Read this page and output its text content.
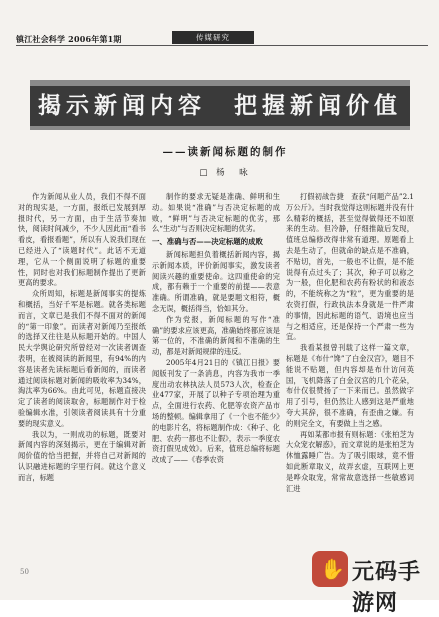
镇江社会科学 2006年第1期	传媒研究
揭示新闻内容　把握新闻价值
——读新闻标题的制作
□ 杨　咏

作为新闻从业人员，我们不得不面对的现实是，一方面，报纸已发展到厚报时代，另一方面，由于生活节奏加快，阅读时间减少，不少人因此而“看书看皮，看报看题”，所以有人说我们现在已经进入了“读题时代”。此话不无道理，它从一个侧面说明了标题的重要性，同时也对我们标题制作提出了更新更高的要求。

众所周知，标题是新闻事实的提炼和概括，当好千军是标题。就各类标题而言，文章已是我们不得不面对的新闻的“第一印象”。而读者对新闻乃至报纸的选择又往往是从标题开始的。中国人民大学舆论研究所曾经对一次读者调查表明，在被阅读的新闻里，有94%的内容是读者先读标题后看新闻的，而读者通过阅读标题对新闻的吸收率为34%，淘汰率为66%。由此可见，标题直接决定了读者的阅读取舍，标题制作对于检验编辑水准，引领读者阅读具有十分重要的现实意义。

我以为，一则成功的标题，既要对新闻内容的深刻揭示，更在于编辑对新闻价值的恰当把握，并将自己对新闻的认识融进标题的字里行间。就这个意义而言，标题

制作的要求无疑是准确、鲜明和生动。如果说“准确”与否决定标题的成败，“鲜明”与否决定标题的优劣，那么“生动”与否则决定标题的优劣。

一、准确与否——决定标题的成败

新闻标题担负着概括新闻内容，揭示新闻本质，评价新闻事实，激发读者阅读兴趣的重要使命。这四重使命的完成，都有赖于一个重要的前提——表意准确。所谓准确，就是要题文相符，概念无误，概括得当，恰如其分。

作为党报，新闻标题的写作“准确”的要求应该更高，准确始终都应该是第一位的，不准确的新闻和不准确的生动，都是对新闻规律的违反。

2005年4月21日的《镇江日报》要闻版刊发了一条消息，内容为我市一季度出动农林执法人员573人次，检查企业477家，开展了以种子专项治理为重点，全面进行农药、化肥等农资产品市场的整顿。编辑拿用了《一个也不能少》的电影片名，将标题制作成：《种子、化肥、农药一都也不让假》，表示一季度农资打假见成效》。后来，值班总编将标题改成了——《春季农资

打假初战告捷　查获“问题产品”2.1万公斤》。当时我觉得这则标题并没有什么精彩的概括，甚至觉得做得还不如原来的生动。但冷静，仔细推敲后发现，值班总编修改得非常有道理。原题看上去是生动了，但就命的缺点是不准确，不贴切，首先，一般也不让假，是不能说得有点过头了；其次，种子可以称之为一般，但化肥和农药有粉状的和液态的，不能统称之为“粒”，更为重要的是农资打假，行政执法本身就是一件严肃的事情，因此标题的语气、语境也应当与之相适应，还是保持一个严肃一些为宜。

我看某报曾刊载了这样一篇文章，标题是《布什“馋”了白金汉宫》，题目不能说不贴题，但内容却是布什访问英国，飞机降落了白金汉宫的几个花朵，布什仅很赞扬了一下来而已。虽然做字用了引号，但仍然让人感到这是严重地夸大其辞，很不准确，有歪曲之嫌。有的则完全文，有要做上当之感。

再如某都市报有则标题：《张柏芝为大众宠衣解惑》，而文章说的是张柏芝为休恤露睡广告。为了吸引眼球，竟不惜如此断章取义，故弄玄虚，互联网上更是哗众取宠，常常故意选择一些敏感词汇进

50	✋ 元码手游网
